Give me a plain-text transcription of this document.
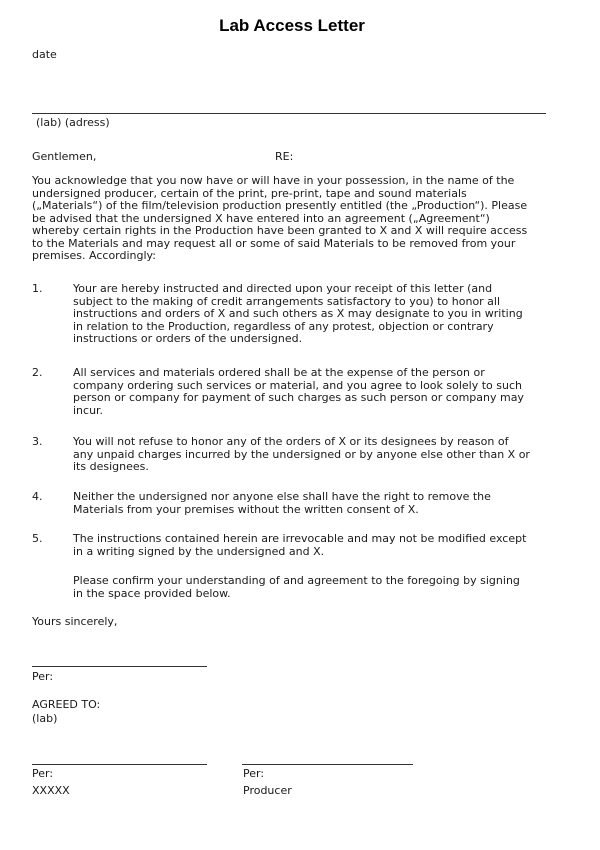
Lab Access Letter
date
(lab) (adress)
Gentlemen,	RE:
You acknowledge that you now have or will have in your possession, in the name of the
undersigned producer, certain of the print, pre-print, tape and sound materials
(„Materials“) of the film/television production presently entitled (the „Production“). Please
be advised that the undersigned X have entered into an agreement („Agreement“)
whereby certain rights in the Production have been granted to X and X will require access
to the Materials and may request all or some of said Materials to be removed from your
premises. Accordingly:
1.	Your are hereby instructed and directed upon your receipt of this letter (and
subject to the making of credit arrangements satisfactory to you) to honor all
instructions and orders of X and such others as X may designate to you in writing
in relation to the Production, regardless of any protest, objection or contrary
instructions or orders of the undersigned.
2.	All services and materials ordered shall be at the expense of the person or
company ordering such services or material, and you agree to look solely to such
person or company for payment of such charges as such person or company may
incur.
3.	You will not refuse to honor any of the orders of X or its designees by reason of
any unpaid charges incurred by the undersigned or by anyone else other than X or
its designees.
4.	Neither the undersigned nor anyone else shall have the right to remove the
Materials from your premises without the written consent of X.
5.	The instructions contained herein are irrevocable and may not be modified except
in a writing signed by the undersigned and X.
Please confirm your understanding of and agreement to the foregoing by signing
in the space provided below.
Yours sincerely,
Per:
AGREED TO:
(lab)
Per:	Per:
XXXXX	Producer
